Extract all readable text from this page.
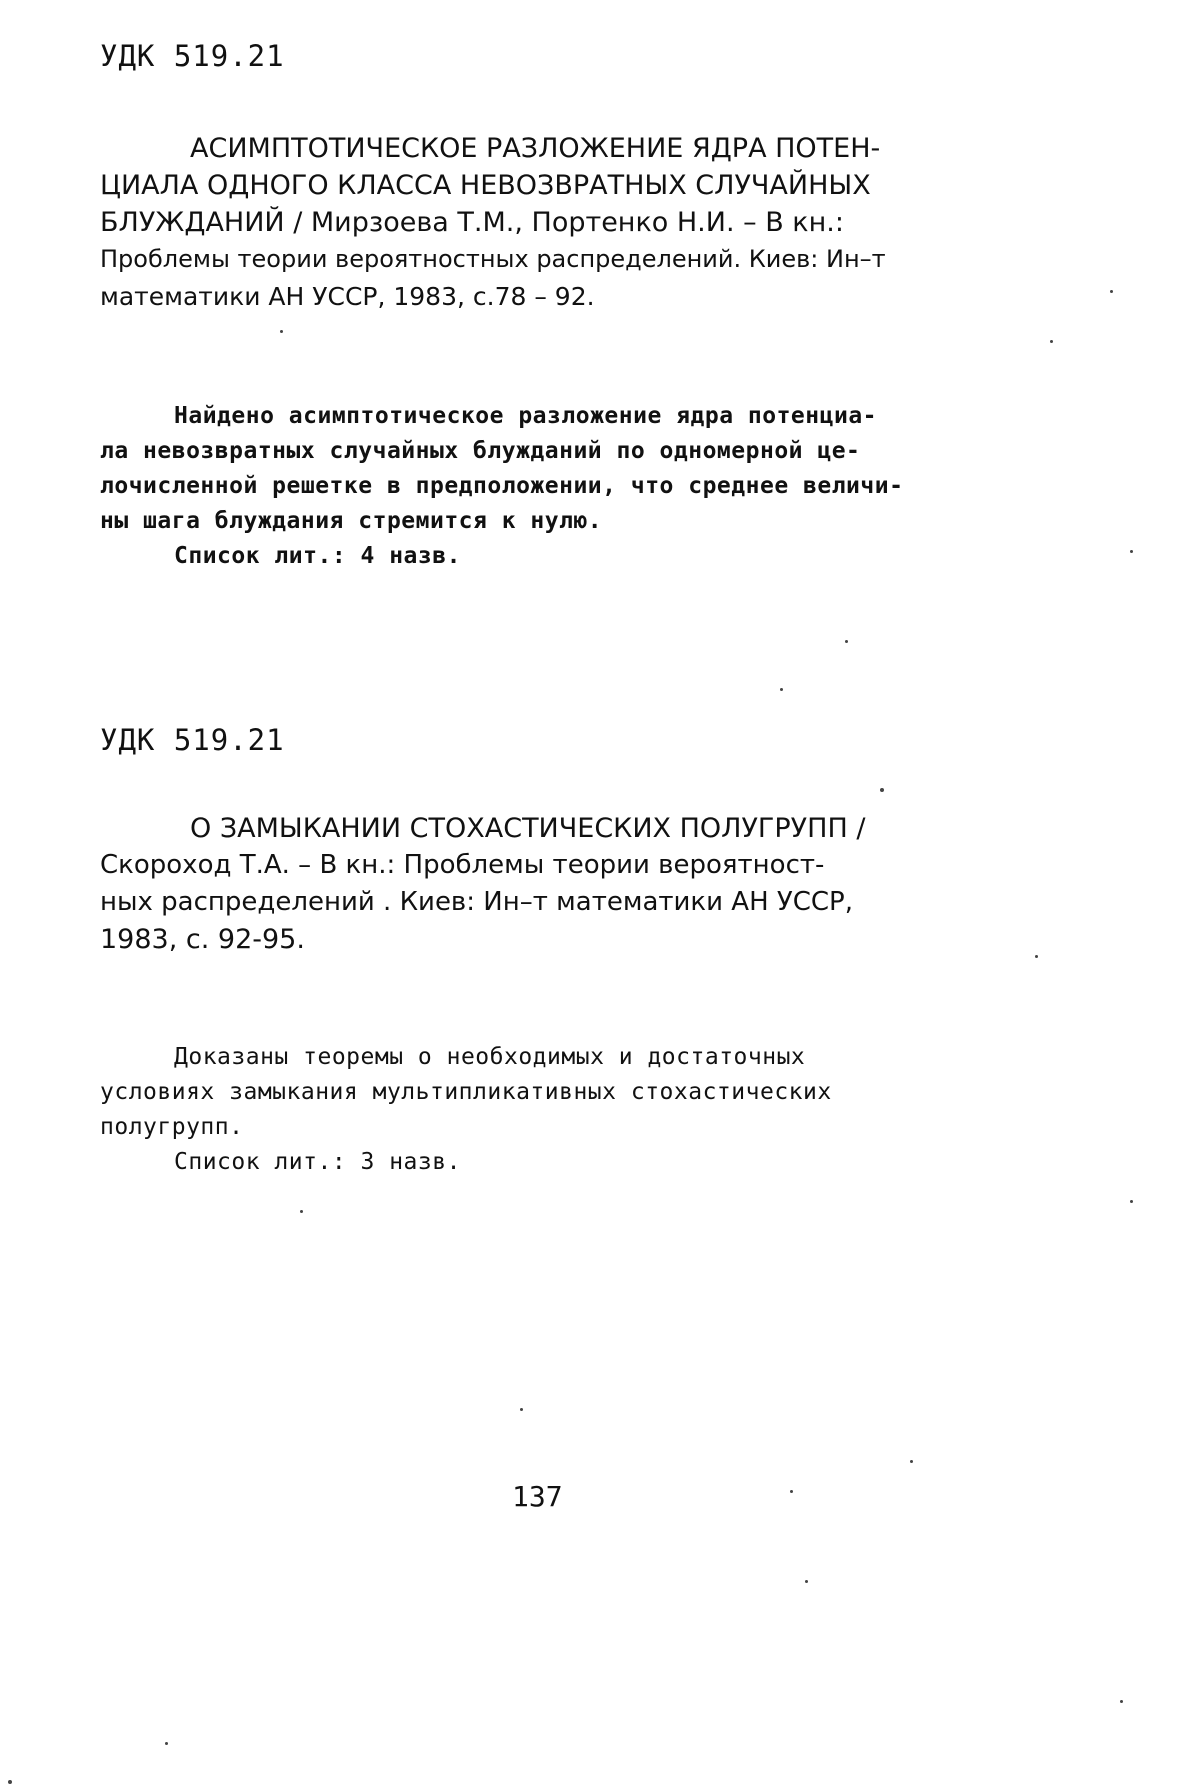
УДК 519.21
АСИМПТОТИЧЕСКОЕ РАЗЛОЖЕНИЕ ЯДРА ПОТЕН-
ЦИАЛА ОДНОГО КЛАССА НЕВОЗВРАТНЫХ СЛУЧАЙНЫХ
БЛУЖДАНИЙ / Мирзоева Т.М., Портенко Н.И. – В кн.:
Проблемы теории вероятностных распределений. Киев: Ин–т
математики АН УССР, 1983, с.78 – 92.
Найдено асимптотическое разложение ядра потенциа-
ла невозвратных случайных блужданий по одномерной це-
лочисленной решетке в предположении, что среднее величи-
ны шага блуждания стремится к нулю.
Список лит.: 4 назв.
УДК 519.21
О ЗАМЫКАНИИ СТОХАСТИЧЕСКИХ ПОЛУГРУПП /
Скороход Т.А. – В кн.: Проблемы теории вероятност-
ных распределений . Киев: Ин–т математики АН УССР,
1983, с. 92-95.
Доказаны теоремы о необходимых и достаточных
условиях замыкания мультипликативных стохастических
полугрупп.
Список лит.: 3 назв.
137
